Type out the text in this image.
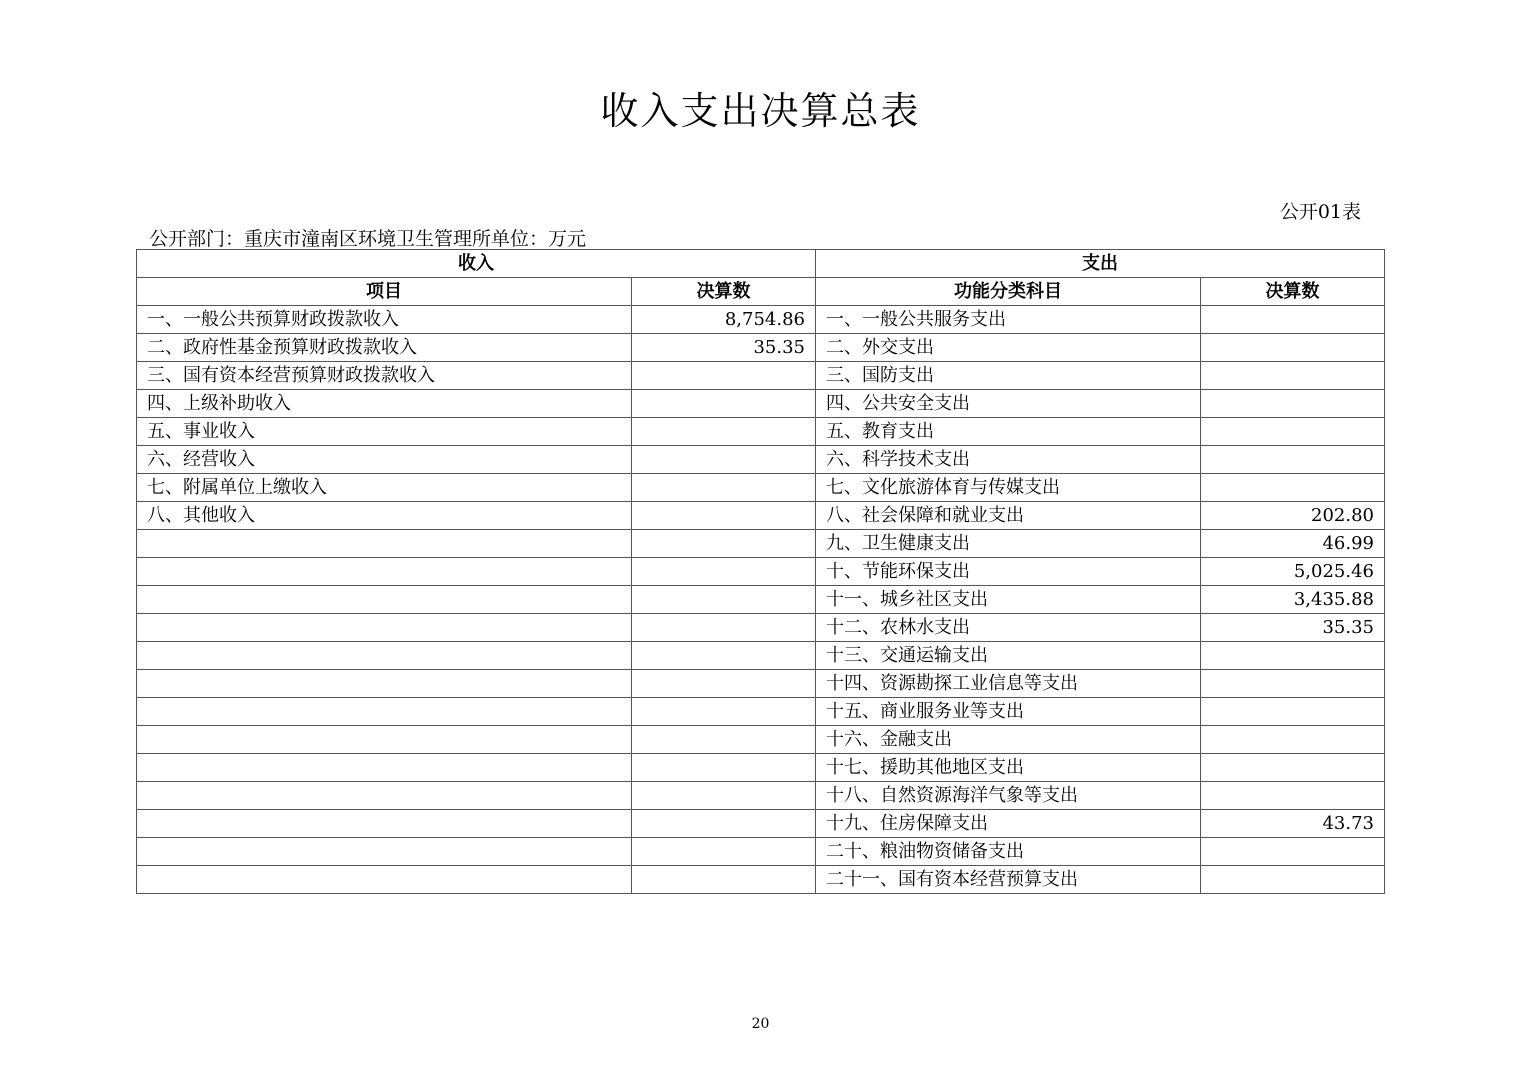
收入支出决算总表
公开01表
公开部门：重庆市潼南区环境卫生管理所单位：万元
收入		支出	
项目	决算数	功能分类科目	决算数
一、一般公共预算财政拨款收入	8,754.86	一、一般公共服务支出	
二、政府性基金预算财政拨款收入	35.35	二、外交支出	
三、国有资本经营预算财政拨款收入		三、国防支出	
四、上级补助收入		四、公共安全支出	
五、事业收入		五、教育支出	
六、经营收入		六、科学技术支出	
七、附属单位上缴收入		七、文化旅游体育与传媒支出	
八、其他收入		八、社会保障和就业支出	202.80
		九、卫生健康支出	46.99
		十、节能环保支出	5,025.46
		十一、城乡社区支出	3,435.88
		十二、农林水支出	35.35
		十三、交通运输支出	
		十四、资源勘探工业信息等支出	
		十五、商业服务业等支出	
		十六、金融支出	
		十七、援助其他地区支出	
		十八、自然资源海洋气象等支出	
		十九、住房保障支出	43.73
		二十、粮油物资储备支出	
		二十一、国有资本经营预算支出	
20
